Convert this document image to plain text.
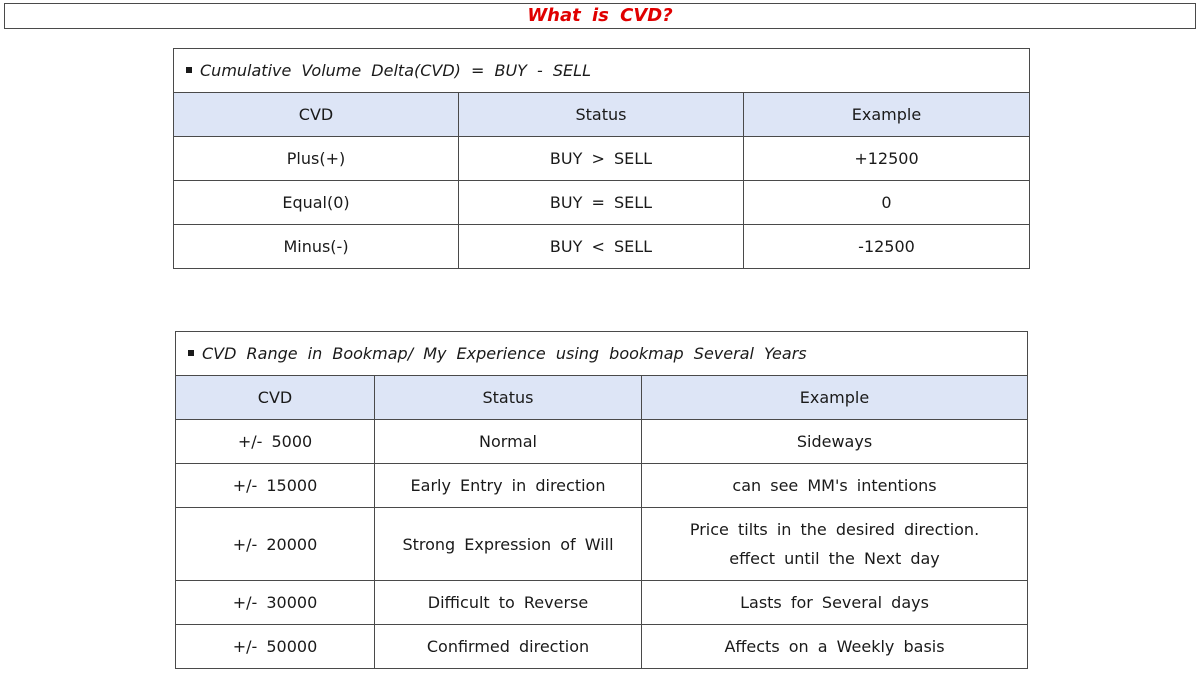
What is CVD?
Cumulative Volume Delta(CVD) = BUY - SELL		
CVD	Status	Example
Plus(+)	BUY > SELL	+12500
Equal(0)	BUY = SELL	0
Minus(-)	BUY < SELL	-12500
CVD Range in Bookmap/ My Experience using bookmap Several Years		
CVD	Status	Example
+/- 5000	Normal	Sideways
+/- 15000	Early Entry in direction	can see MM's intentions
+/- 20000	Strong Expression of Will	Price tilts in the desired direction.
effect until the Next day

+/- 30000	Difficult to Reverse	Lasts for Several days
+/- 50000	Confirmed direction	Affects on a Weekly basis
